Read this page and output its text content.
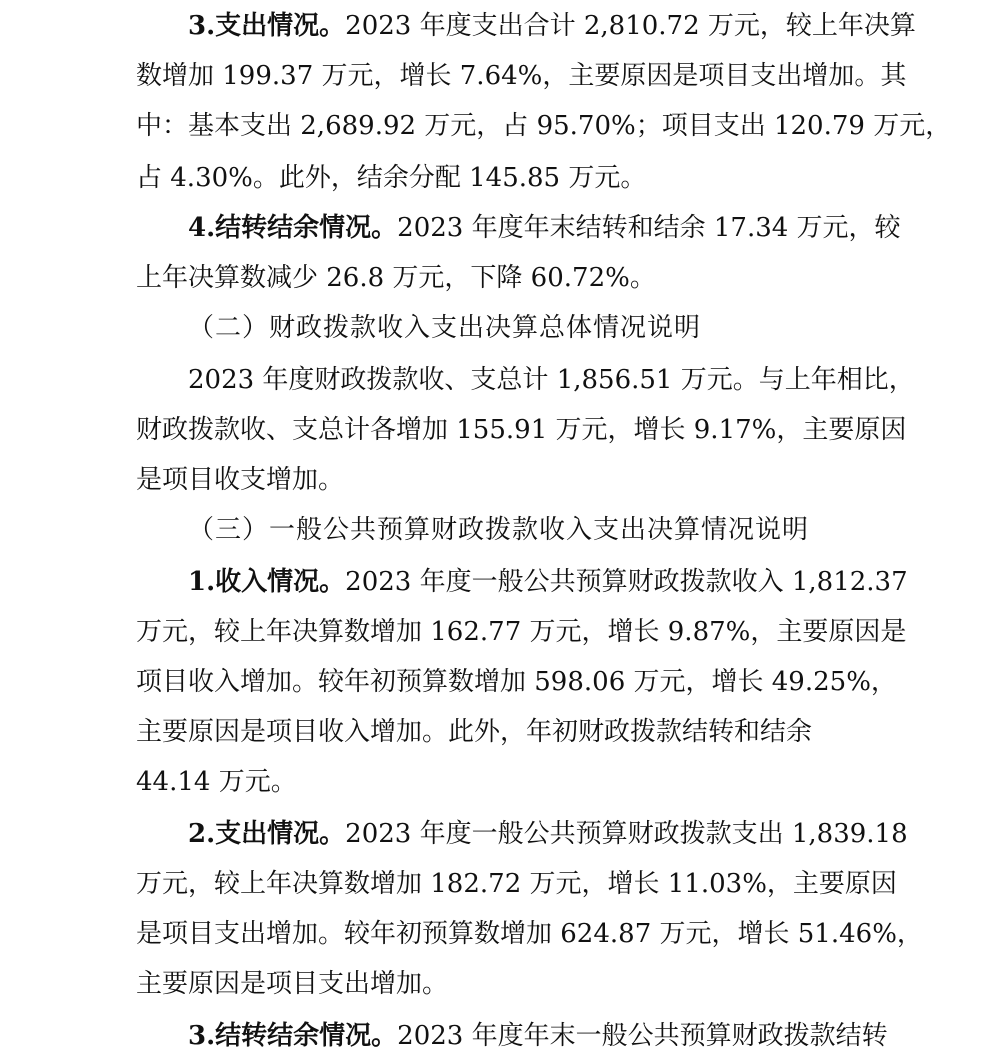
3.支出情况。2023 年度支出合计 2,810.72 万元，较上年决算
数增加 199.37 万元，增长 7.64%，主要原因是项目支出增加。其
中：基本支出 2,689.92 万元，占 95.70%；项目支出 120.79 万元，
占 4.30%。此外，结余分配 145.85 万元。
4.结转结余情况。2023 年度年末结转和结余 17.34 万元，较
上年决算数减少 26.8 万元，下降 60.72%。
（二）财政拨款收入支出决算总体情况说明
2023 年度财政拨款收、支总计 1,856.51 万元。与上年相比，
财政拨款收、支总计各增加 155.91 万元，增长 9.17%，主要原因
是项目收支增加。
（三）一般公共预算财政拨款收入支出决算情况说明
1.收入情况。2023 年度一般公共预算财政拨款收入 1,812.37
万元，较上年决算数增加 162.77 万元，增长 9.87%，主要原因是
项目收入增加。较年初预算数增加 598.06 万元，增长 49.25%，
主要原因是项目收入增加。此外，年初财政拨款结转和结余
44.14 万元。
2.支出情况。2023 年度一般公共预算财政拨款支出 1,839.18
万元，较上年决算数增加 182.72 万元，增长 11.03%，主要原因
是项目支出增加。较年初预算数增加 624.87 万元，增长 51.46%，
主要原因是项目支出增加。
3.结转结余情况。2023 年度年末一般公共预算财政拨款结转
